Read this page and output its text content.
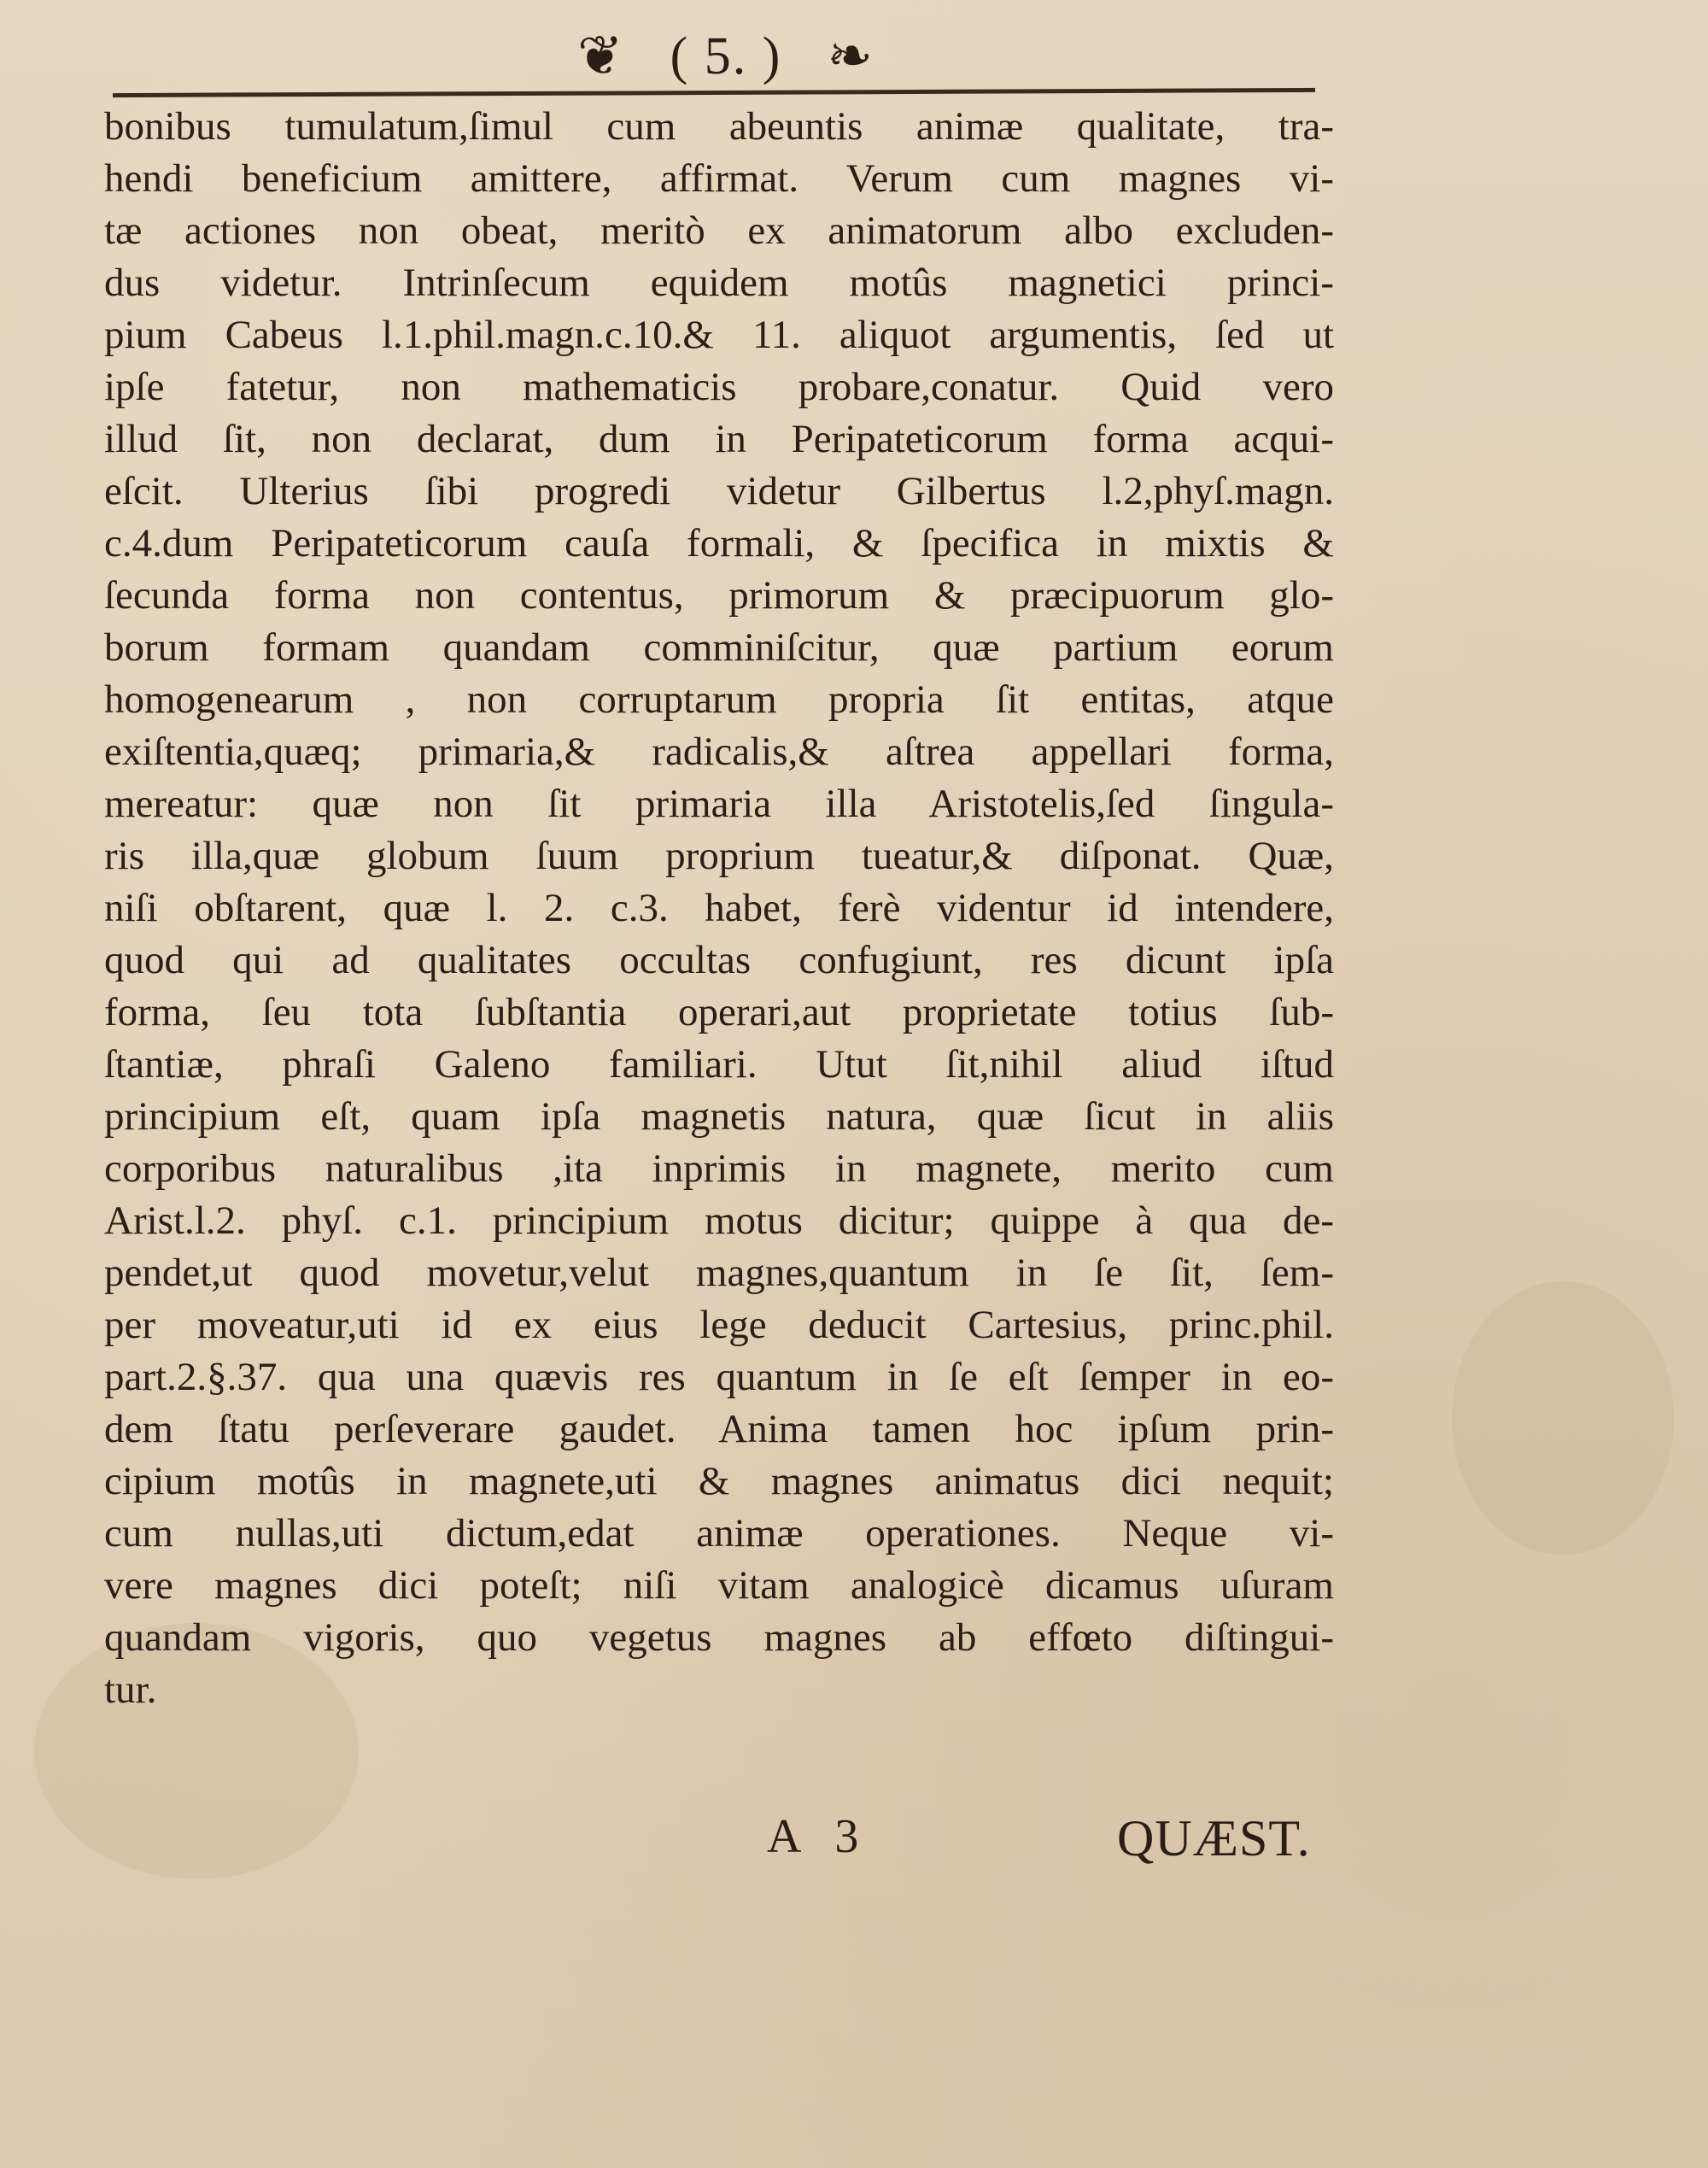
❦ ( 5. ) ❧
bonibus tumulatum,ſimul cum abeuntis animæ qualitate, tra-
hendi beneficium amittere, affirmat. Verum cum magnes vi-
tæ actiones non obeat, meritò ex animatorum albo excluden-
dus videtur. Intrinſecum equidem motûs magnetici princi-
pium Cabeus l.1.phil.magn.c.10.& 11. aliquot argumentis, ſed ut
ipſe fatetur, non mathematicis probare,conatur. Quid vero
illud ſit, non declarat, dum in Peripateticorum forma acqui-
eſcit. Ulterius ſibi progredi videtur Gilbertus l.2,phyſ.magn.
c.4.dum Peripateticorum cauſa formali, & ſpecifica in mixtis &
ſecunda forma non contentus, primorum & præcipuorum glo-
borum formam quandam comminiſcitur, quæ partium eorum
homogenearum , non corruptarum propria ſit entitas, atque
exiſtentia,quæq; primaria,& radicalis,& aſtrea appellari forma,
mereatur: quæ non ſit primaria illa Aristotelis,ſed ſingula-
ris illa,quæ globum ſuum proprium tueatur,& diſponat. Quæ,
niſi obſtarent, quæ l. 2. c.3. habet, ferè videntur id intendere,
quod qui ad qualitates occultas confugiunt, res dicunt ipſa
forma, ſeu tota ſubſtantia operari,aut proprietate totius ſub-
ſtantiæ, phraſi Galeno familiari. Utut ſit,nihil aliud iſtud
principium eſt, quam ipſa magnetis natura, quæ ſicut in aliis
corporibus naturalibus ,ita inprimis in magnete, merito cum
Arist.l.2. phyſ. c.1. principium motus dicitur; quippe à qua de-
pendet,ut quod movetur,velut magnes,quantum in ſe ſit, ſem-
per moveatur,uti id ex eius lege deducit Cartesius, princ.phil.
part.2.§.37. qua una quævis res quantum in ſe eſt ſemper in eo-
dem ſtatu perſeverare gaudet. Anima tamen hoc ipſum prin-
cipium motûs in magnete,uti & magnes animatus dici nequit;
cum nullas,uti dictum,edat animæ operationes. Neque vi-
vere magnes dici poteſt; niſi vitam analogicè dicamus uſuram
quandam vigoris, quo vegetus magnes ab effœto diſtingui-
tur.
A 3	QUÆST.
